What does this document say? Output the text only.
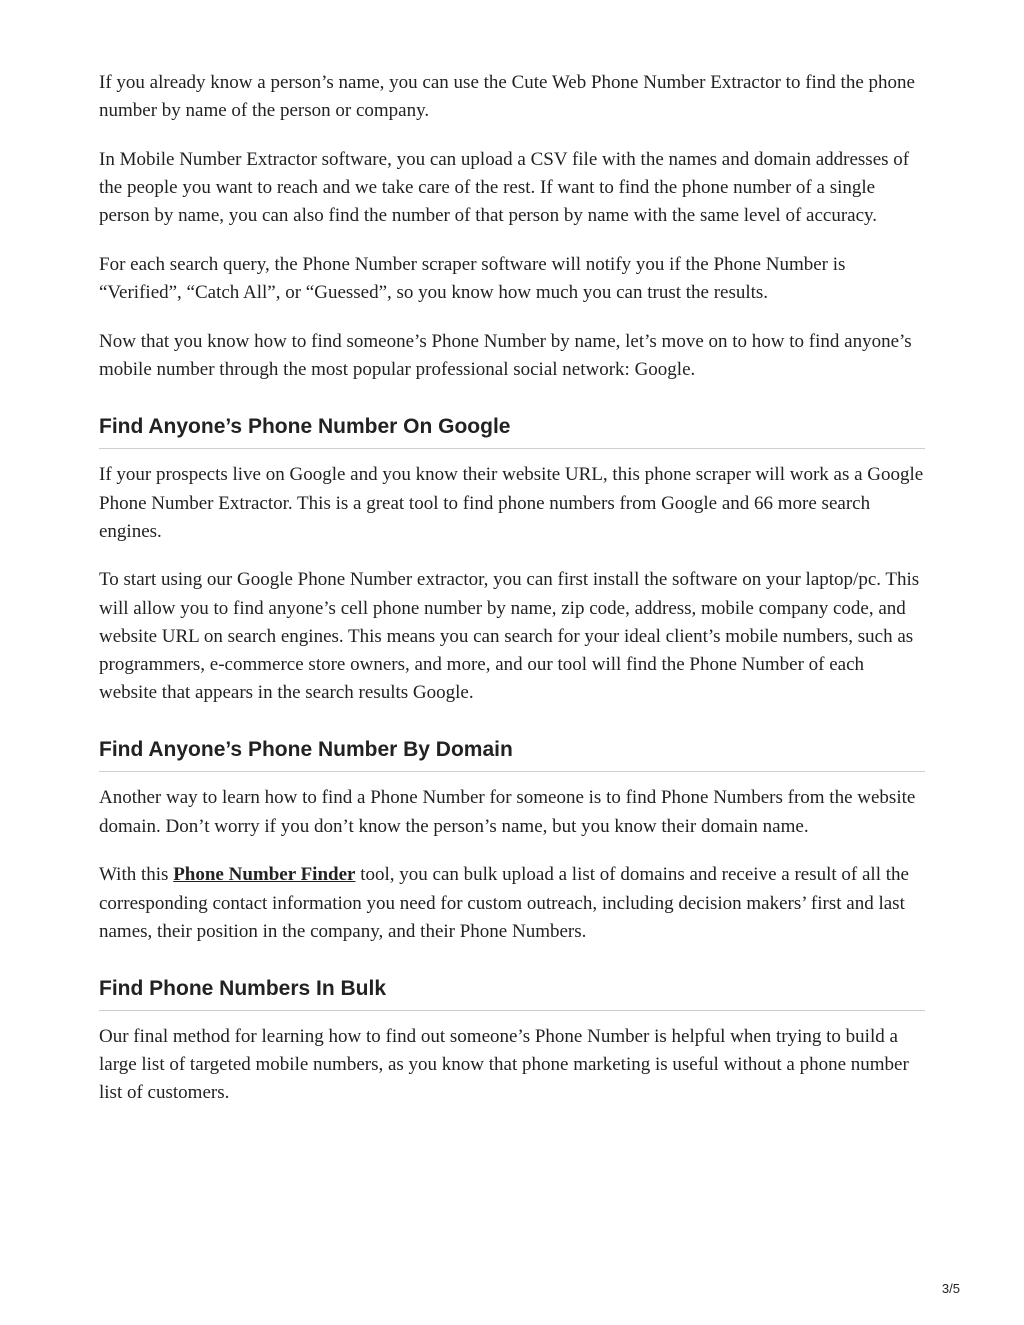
If you already know a person’s name, you can use the Cute Web Phone Number Extractor to find the phone number by name of the person or company.

In Mobile Number Extractor software, you can upload a CSV file with the names and domain addresses of the people you want to reach and we take care of the rest. If want to find the phone number of a single person by name, you can also find the number of that person by name with the same level of accuracy.

For each search query, the Phone Number scraper software will notify you if the Phone Number is “Verified”, “Catch All”, or “Guessed”, so you know how much you can trust the results.

Now that you know how to find someone’s Phone Number by name, let’s move on to how to find anyone’s mobile number through the most popular professional social network: Google.

Find Anyone’s Phone Number On Google

If your prospects live on Google and you know their website URL, this phone scraper will work as a Google Phone Number Extractor. This is a great tool to find phone numbers from Google and 66 more search engines.

To start using our Google Phone Number extractor, you can first install the software on your laptop/pc. This will allow you to find anyone’s cell phone number by name, zip code, address, mobile company code, and website URL on search engines. This means you can search for your ideal client’s mobile numbers, such as programmers, e-commerce store owners, and more, and our tool will find the Phone Number of each website that appears in the search results Google.

Find Anyone’s Phone Number By Domain

Another way to learn how to find a Phone Number for someone is to find Phone Numbers from the website domain. Don’t worry if you don’t know the person’s name, but you know their domain name.

With this Phone Number Finder tool, you can bulk upload a list of domains and receive a result of all the corresponding contact information you need for custom outreach, including decision makers’ first and last names, their position in the company, and their Phone Numbers.

Find Phone Numbers In Bulk

Our final method for learning how to find out someone’s Phone Number is helpful when trying to build a large list of targeted mobile numbers, as you know that phone marketing is useful without a phone number list of customers.

3/5
